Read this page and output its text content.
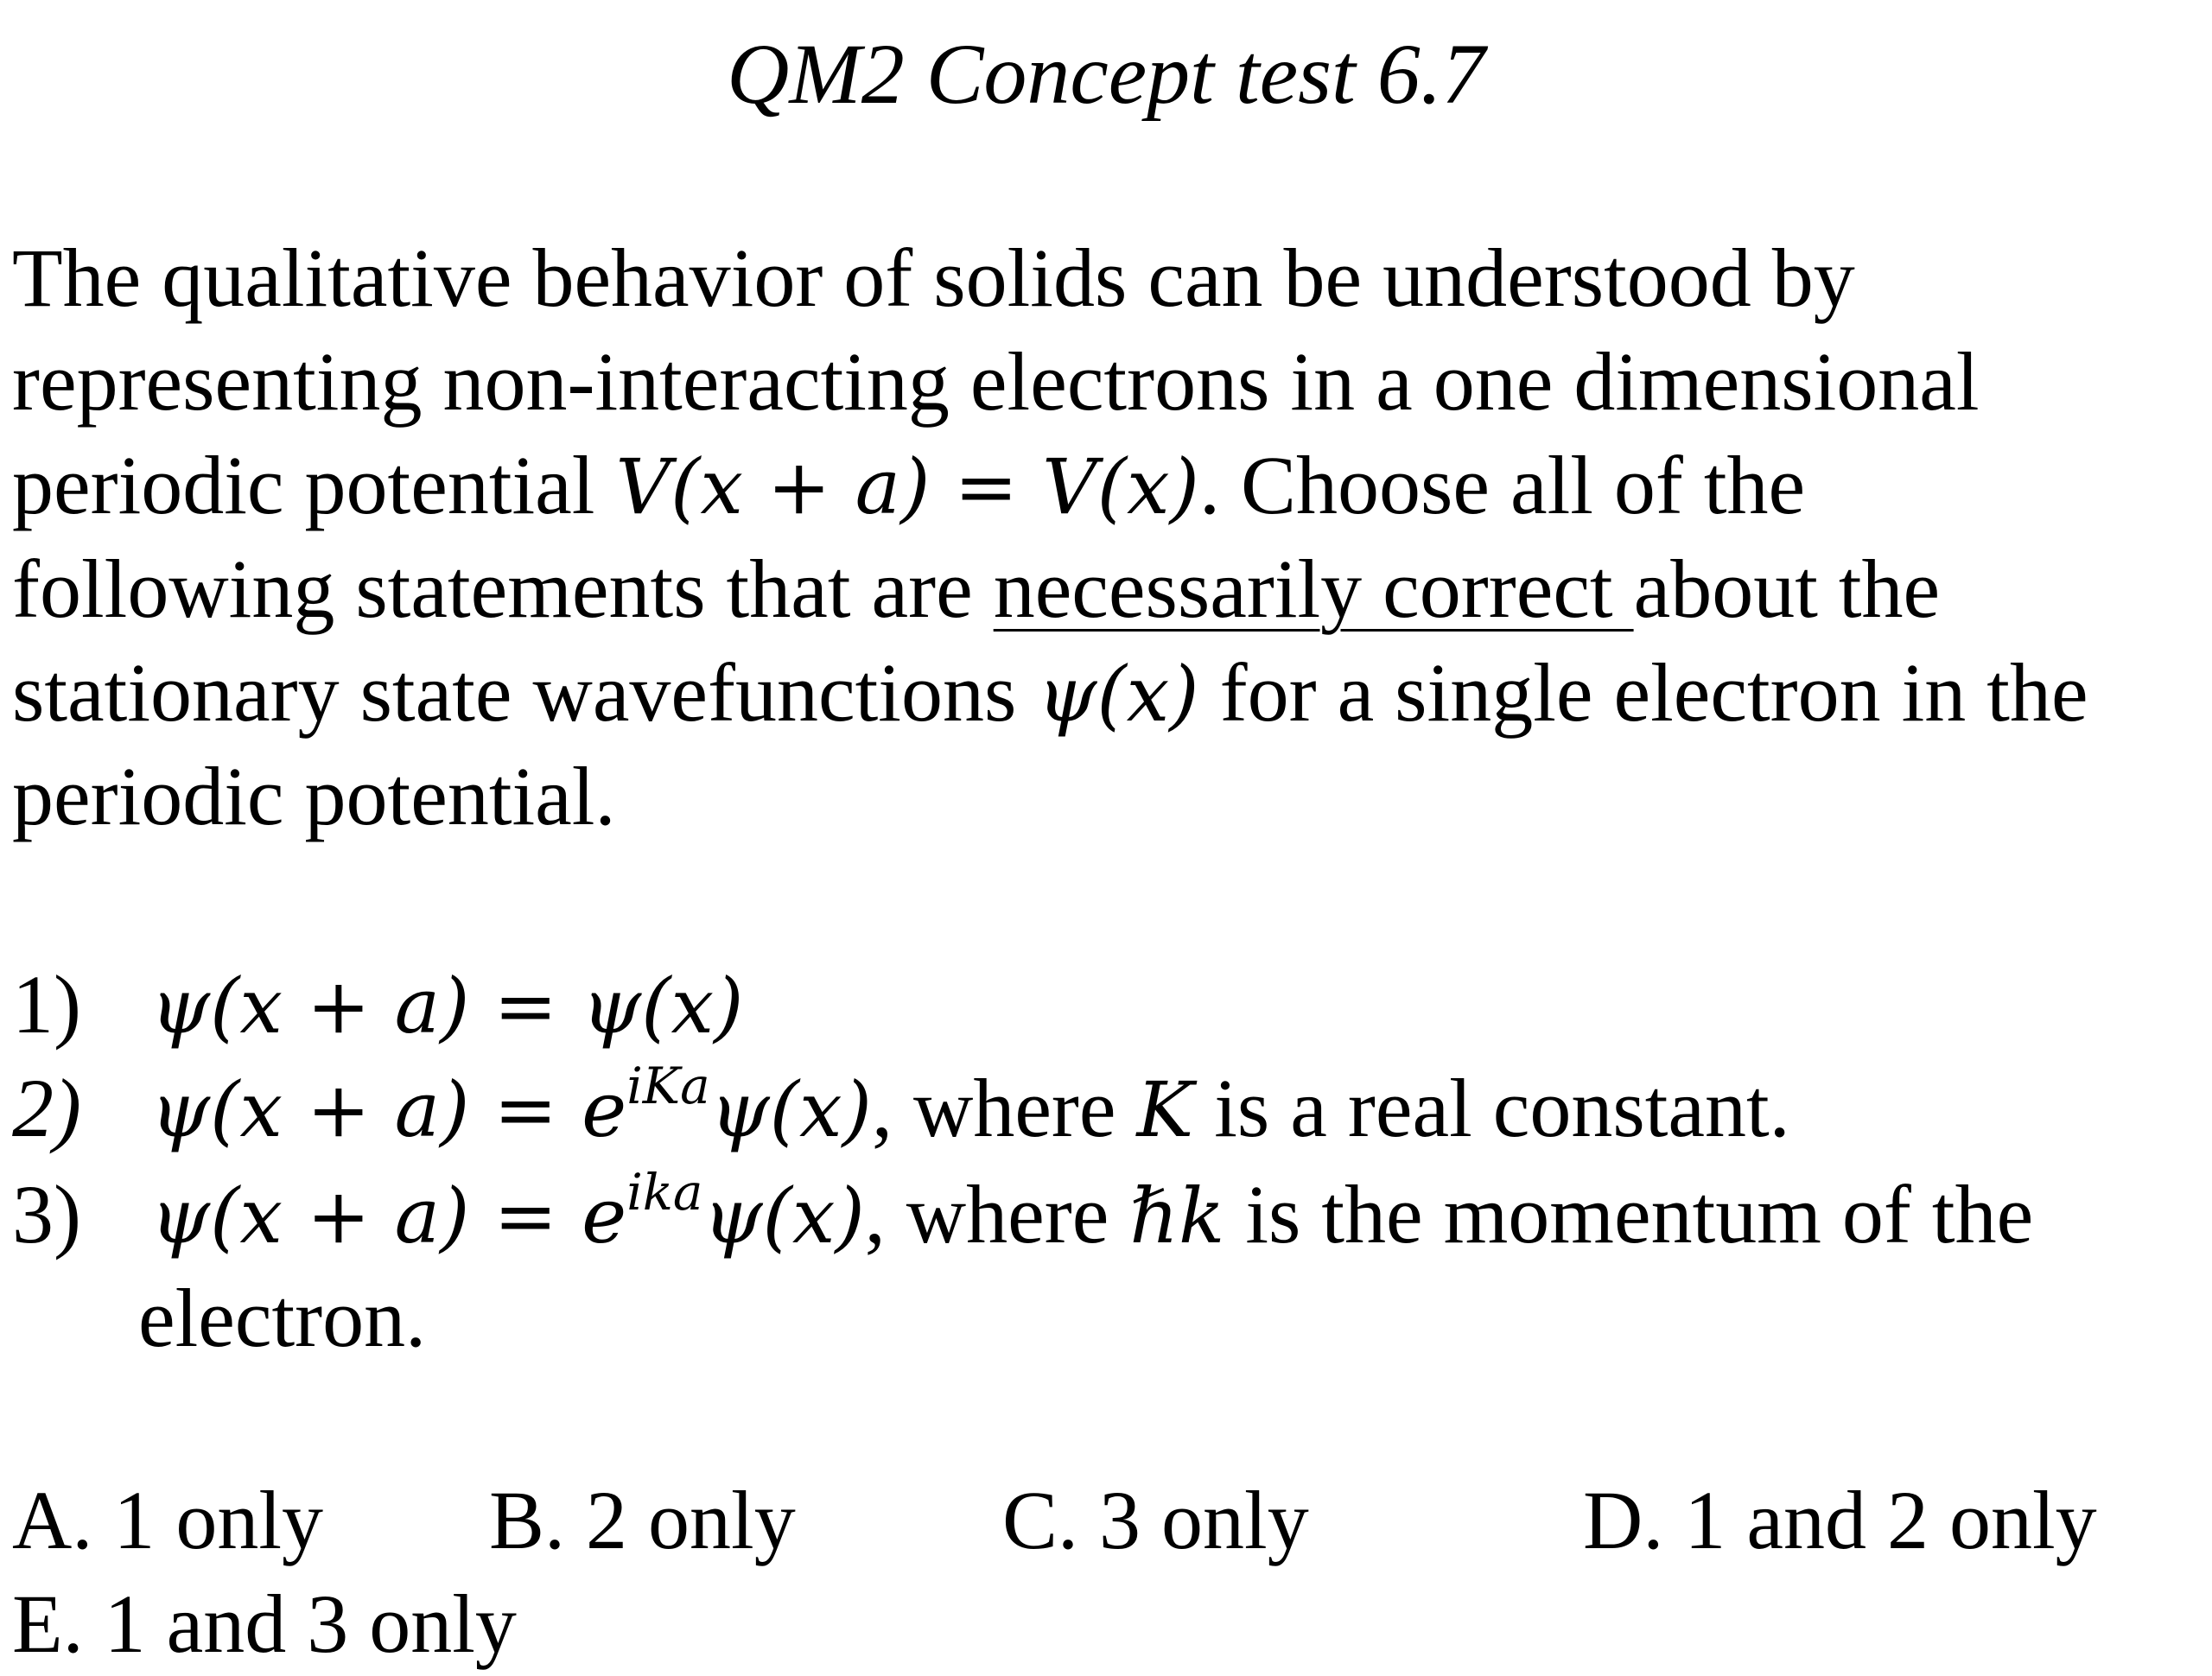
QM2 Concept test 6.7
The qualitative behavior of solids can be understood by
representing non-interacting electrons in a one dimensional
periodic potential V(x + a) = V(x). Choose all of the
following statements that are necessarily correct about the
stationary state wavefunctions ψ(x) for a single electron in the
periodic potential.
1) ψ(x + a) = ψ(x)
2) $\psi(x + a) = e^{iKa}\psi(x)$, where K is a real constant.
3) $\psi(x + a) = e^{ika}\psi(x)$, where ℏk is the momentum of the
electron.
A. 1 only B. 2 only C. 3 only	D. 1 and 2 only
E. 1 and 3 only
